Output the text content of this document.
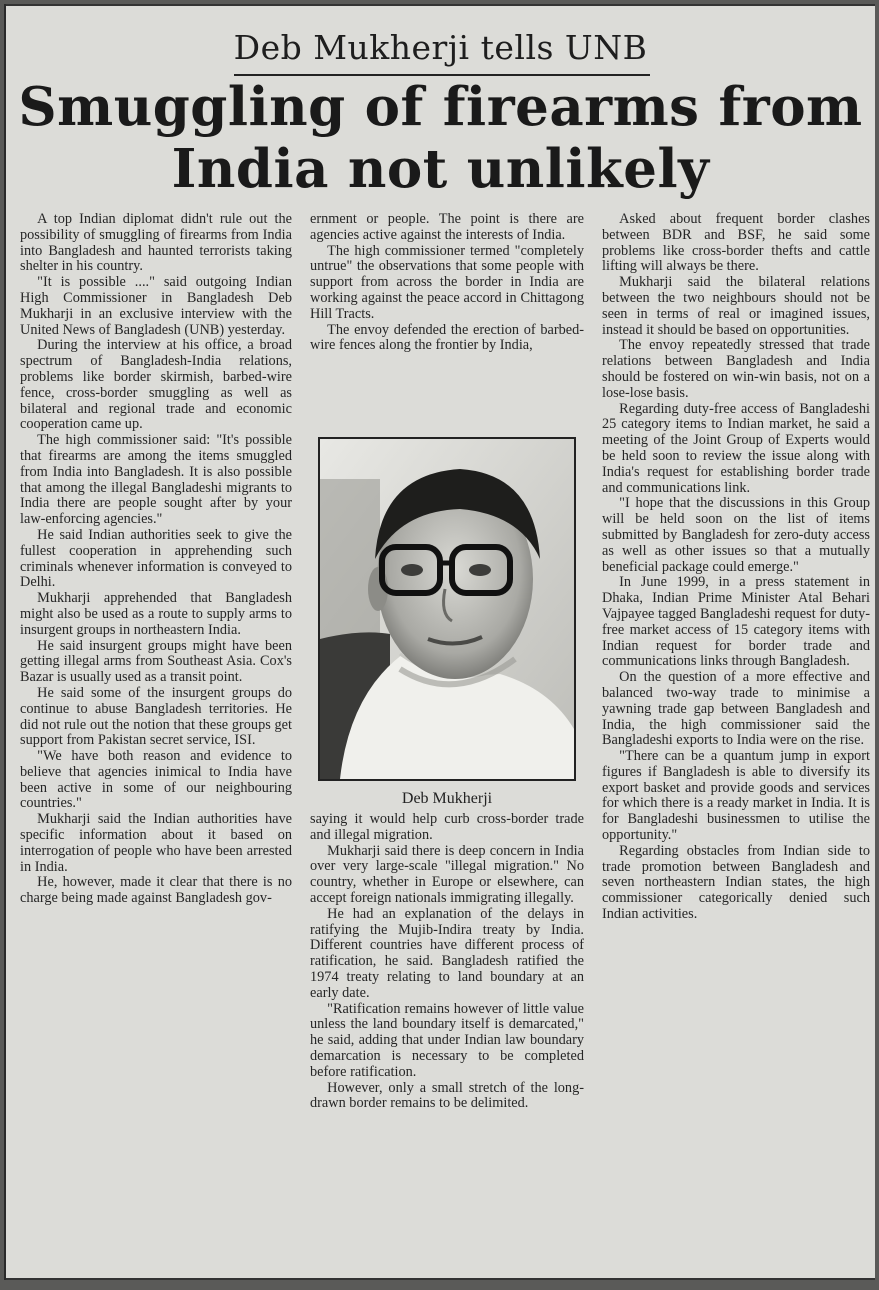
Deb Mukherji tells UNB
Smuggling of firearms from
India not unlikely

A top Indian diplomat didn't rule out the possibility of smuggling of firearms from India into Bangladesh and haunted terrorists taking shelter in his country.

"It is possible ...." said outgoing Indian High Commissioner in Bangladesh Deb Mukharji in an exclusive interview with the United News of Bangladesh (UNB) yesterday.

During the interview at his office, a broad spectrum of Bangladesh-India relations, problems like border skirmish, barbed-wire fence, cross-border smuggling as well as bilateral and regional trade and economic cooperation came up.

The high commissioner said: "It's possible that firearms are among the items smuggled from India into Bangladesh. It is also possible that among the illegal Bangladeshi migrants to India there are people sought after by your law-enforcing agencies."

He said Indian authorities seek to give the fullest cooperation in apprehending such criminals whenever information is conveyed to Delhi.

Mukharji apprehended that Bangladesh might also be used as a route to supply arms to insurgent groups in northeastern India.

He said insurgent groups might have been getting illegal arms from Southeast Asia. Cox's Bazar is usually used as a transit point.

He said some of the insurgent groups do continue to abuse Bangladesh territories. He did not rule out the notion that these groups get support from Pakistan secret service, ISI.

"We have both reason and evidence to believe that agencies inimical to India have been active in some of our neighbouring countries."

Mukharji said the Indian authorities have specific information about it based on interrogation of people who have been arrested in India.

He, however, made it clear that there is no charge being made against Bangladesh gov-

ernment or people. The point is there are agencies active against the interests of India.

The high commissioner termed "completely untrue" the observations that some people with support from across the border in India are working against the peace accord in Chittagong Hill Tracts.

The envoy defended the erection of barbed-wire fences along the frontier by India,

Deb Mukherji

saying it would help curb cross-border trade and illegal migration.

Mukharji said there is deep concern in India over very large-scale "illegal migration." No country, whether in Europe or elsewhere, can accept foreign nationals immigrating illegally.

He had an explanation of the delays in ratifying the Mujib-Indira treaty by India. Different countries have different process of ratification, he said. Bangladesh ratified the 1974 treaty relating to land boundary at an early date.

"Ratification remains however of little value unless the land boundary itself is demarcated," he said, adding that under Indian law boundary demarcation is necessary to be completed before ratification.

However, only a small stretch of the long-drawn border remains to be delimited.

Asked about frequent border clashes between BDR and BSF, he said some problems like cross-border thefts and cattle lifting will always be there.

Mukharji said the bilateral relations between the two neighbours should not be seen in terms of real or imagined issues, instead it should be based on opportunities.

The envoy repeatedly stressed that trade relations between Bangladesh and India should be fostered on win-win basis, not on a lose-lose basis.

Regarding duty-free access of Bangladeshi 25 category items to Indian market, he said a meeting of the Joint Group of Experts would be held soon to review the issue along with India's request for establishing border trade and communications link.

"I hope that the discussions in this Group will be held soon on the list of items submitted by Bangladesh for zero-duty access as well as other issues so that a mutually beneficial package could emerge."

In June 1999, in a press statement in Dhaka, Indian Prime Minister Atal Behari Vajpayee tagged Bangladeshi request for duty-free market access of 15 category items with Indian request for border trade and communications links through Bangladesh.

On the question of a more effective and balanced two-way trade to minimise a yawning trade gap between Bangladesh and India, the high commissioner said the Bangladeshi exports to India were on the rise.

"There can be a quantum jump in export figures if Bangladesh is able to diversify its export basket and provide goods and services for which there is a ready market in India. It is for Bangladeshi businessmen to utilise the opportunity."

Regarding obstacles from Indian side to trade promotion between Bangladesh and seven northeastern Indian states, the high commissioner categorically denied such Indian activities.
